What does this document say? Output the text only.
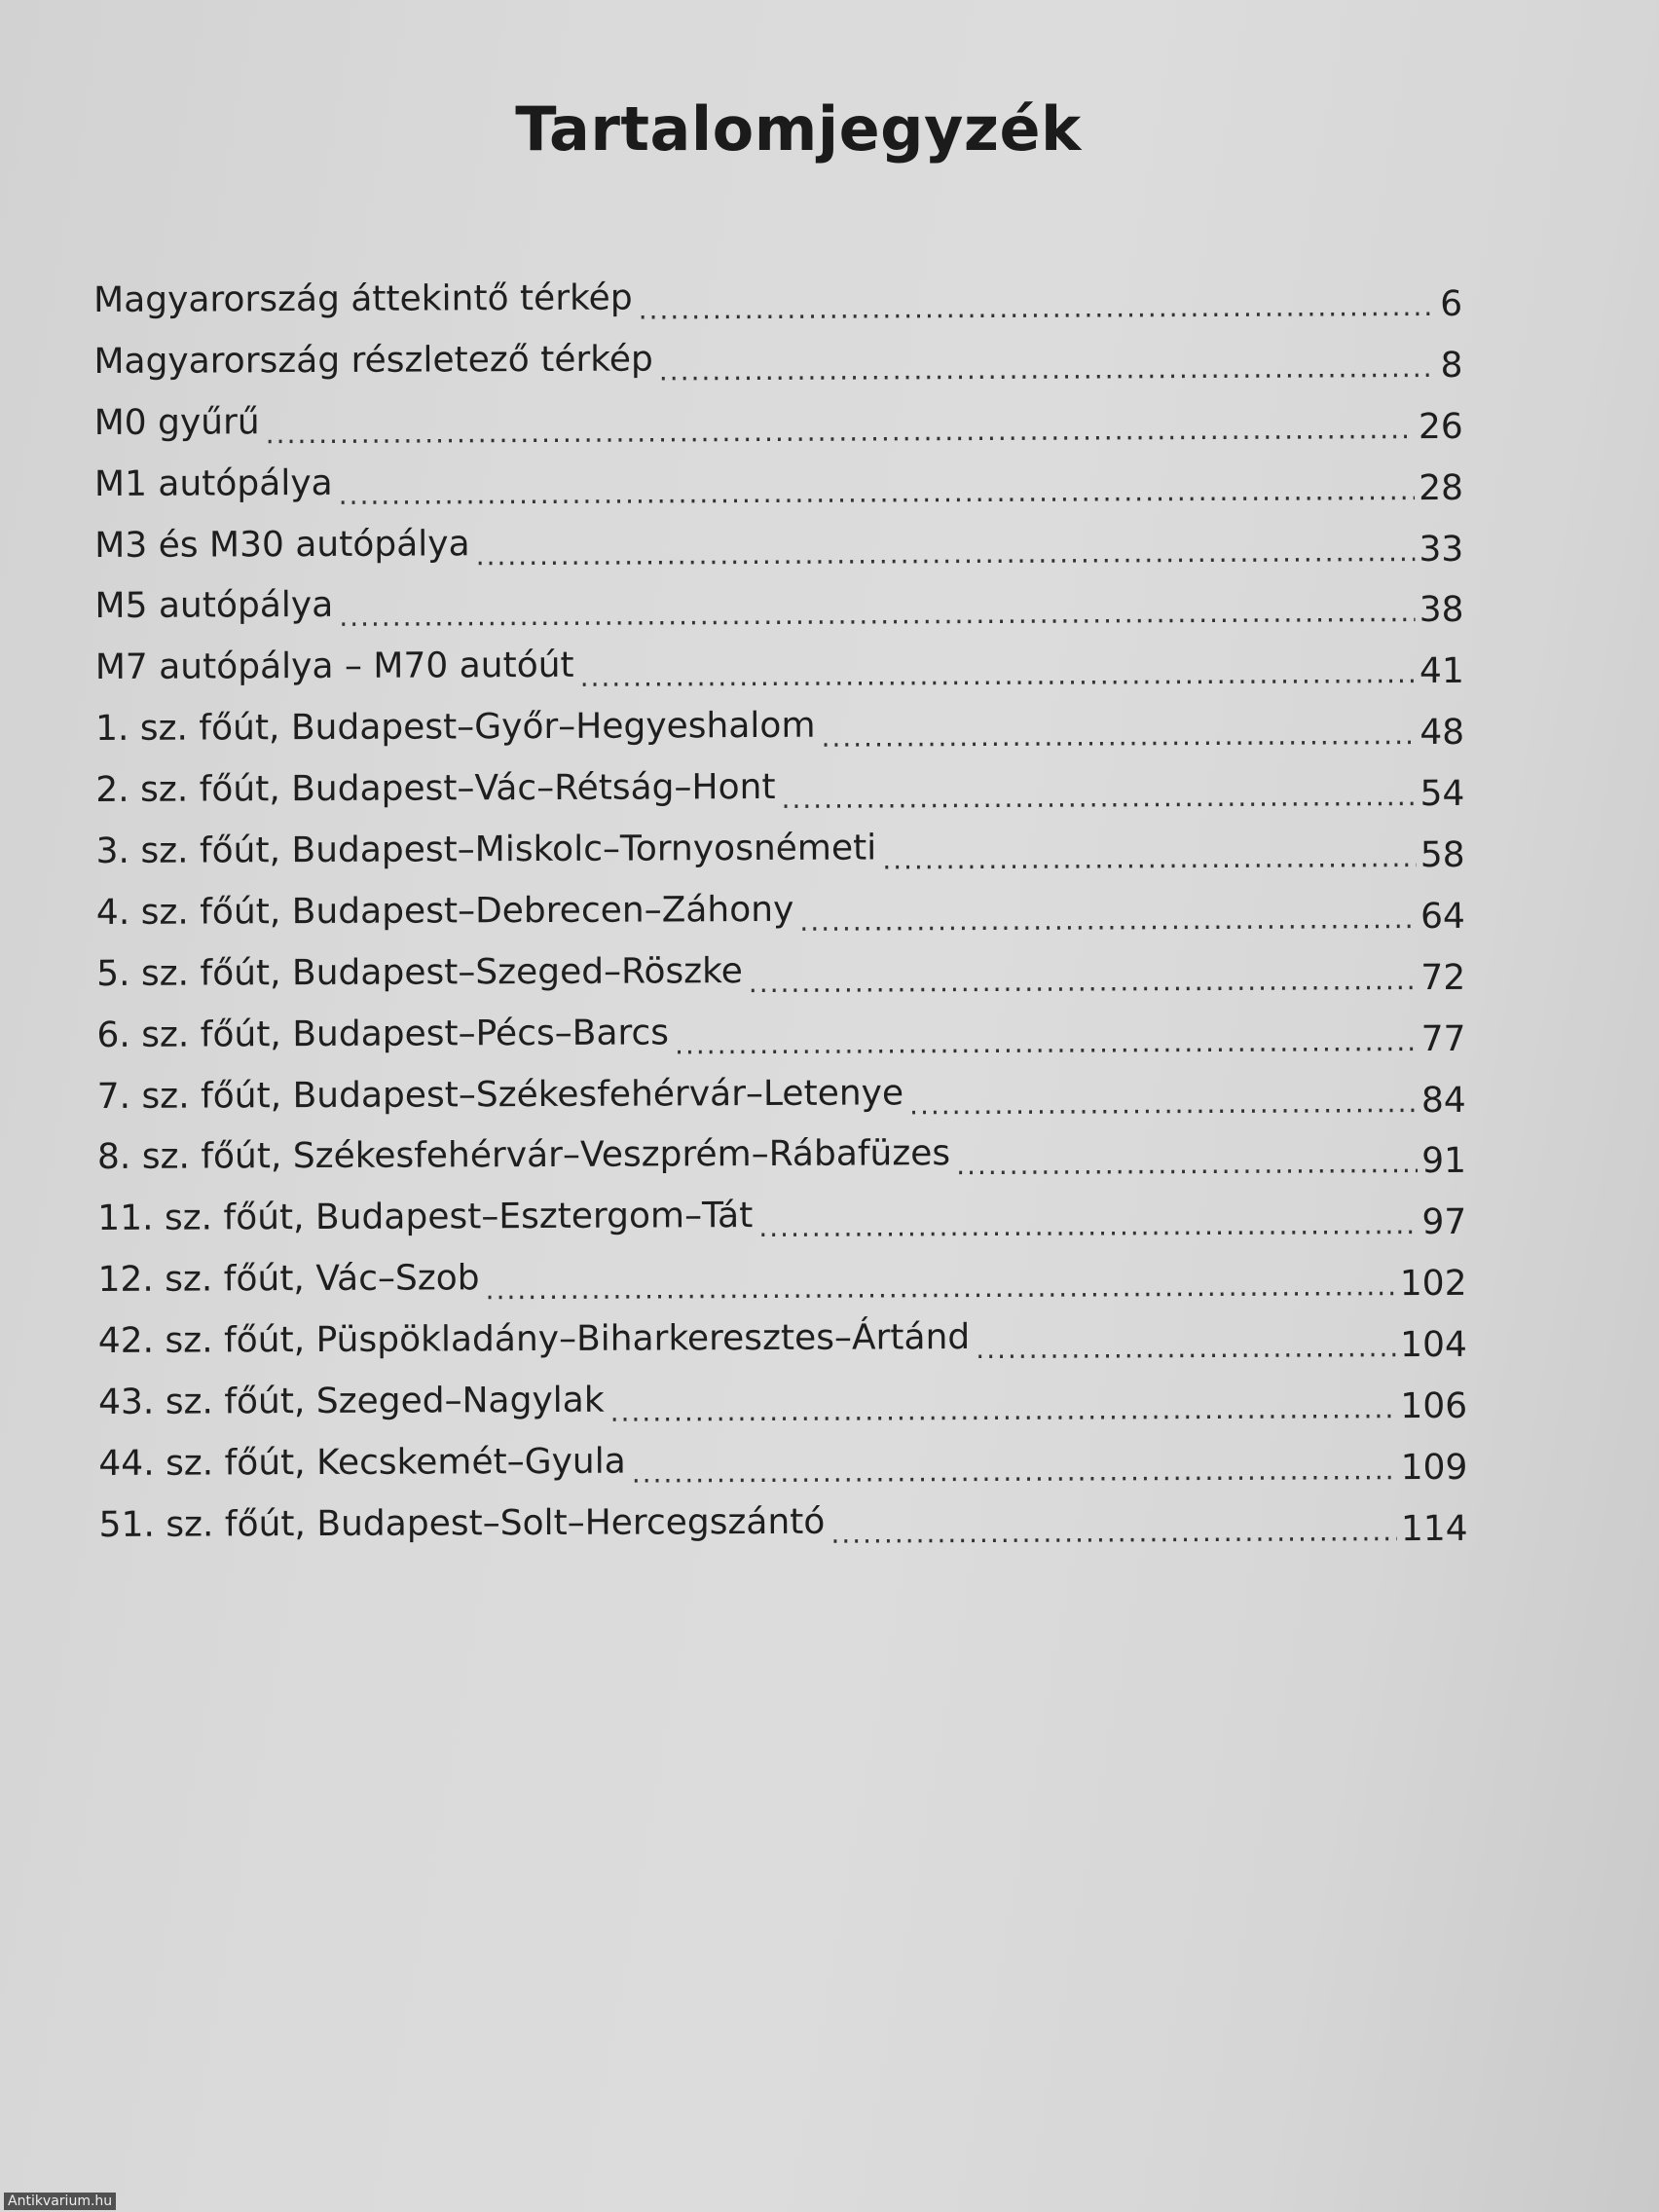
Tartalomjegyzék
Magyarország áttekintő térkép .....	6
Magyarország részletező térkép .....	8
M0 gyűrű .....	26
M1 autópálya .....	28
M3 és M30 autópálya .....	33
M5 autópálya .....	38
M7 autópálya – M70 autóút .....	41
1. sz. főút, Budapest–Győr–Hegyeshalom .....	48
2. sz. főút, Budapest–Vác–Rétság–Hont .....	54
3. sz. főút, Budapest–Miskolc–Tornyosnémeti .....	58
4. sz. főút, Budapest–Debrecen–Záhony .....	64
5. sz. főút, Budapest–Szeged–Röszke .....	72
6. sz. főút, Budapest–Pécs–Barcs .....	77
7. sz. főút, Budapest–Székesfehérvár–Letenye .....	84
8. sz. főút, Székesfehérvár–Veszprém–Rábafüzes .....	91
11. sz. főút, Budapest–Esztergom–Tát .....	97
12. sz. főút, Vác–Szob .....	102
42. sz. főút, Püspökladány–Biharkeresztes–Ártánd .....	104
43. sz. főút, Szeged–Nagylak .....	106
44. sz. főút, Kecskemét–Gyula .....	109
51. sz. főút, Budapest–Solt–Hercegszántó .....	114
Antikvarium.hu
